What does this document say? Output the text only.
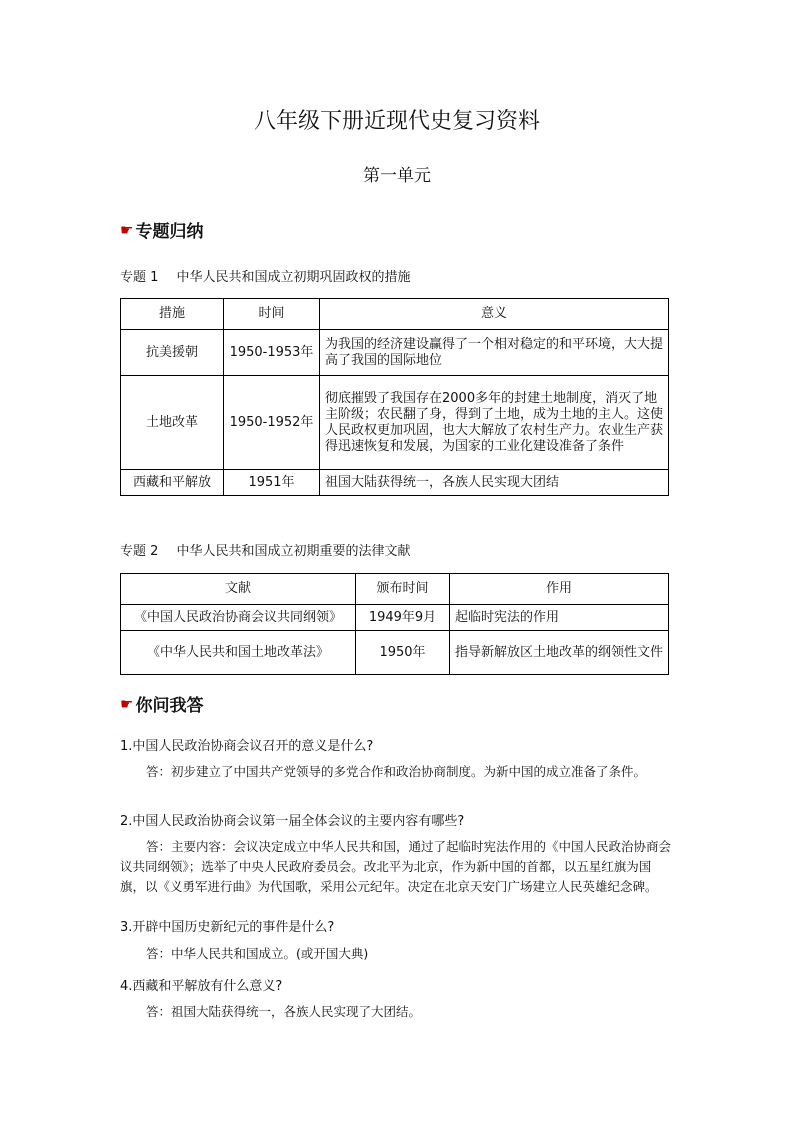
八年级下册近现代史复习资料
第一单元
☛ 专题归纳
专题 1 中华人民共和国成立初期巩固政权的措施
措施	时间	意义
抗美援朝	1950-1953年	为我国的经济建设赢得了一个相对稳定的和平环境，大大提高了我国的国际地位
土地改革	1950-1952年	彻底摧毁了我国存在2000多年的封建土地制度，消灭了地主阶级；农民翻了身，得到了土地，成为土地的主人。这使人民政权更加巩固，也大大解放了农村生产力。农业生产获得迅速恢复和发展，为国家的工业化建设准备了条件
西藏和平解放	1951年	祖国大陆获得统一，各族人民实现大团结
专题 2 中华人民共和国成立初期重要的法律文献
文献	颁布时间	作用
《中国人民政治协商会议共同纲领》	1949年9月	起临时宪法的作用
《中华人民共和国土地改革法》	1950年	指导新解放区土地改革的纲领性文件
☛ 你问我答
1.中国人民政治协商会议召开的意义是什么?
答：初步建立了中国共产党领导的多党合作和政治协商制度。为新中国的成立准备了条件。
2.中国人民政治协商会议第一届全体会议的主要内容有哪些?
答：主要内容：会议决定成立中华人民共和国，通过了起临时宪法作用的《中国人民政治协商会议共同纲领》；选举了中央人民政府委员会。改北平为北京，作为新中国的首都，以五星红旗为国旗，以《义勇军进行曲》为代国歌，采用公元纪年。决定在北京天安门广场建立人民英雄纪念碑。
3.开辟中国历史新纪元的事件是什么?
答：中华人民共和国成立。(或开国大典)
4.西藏和平解放有什么意义?
答：祖国大陆获得统一，各族人民实现了大团结。
